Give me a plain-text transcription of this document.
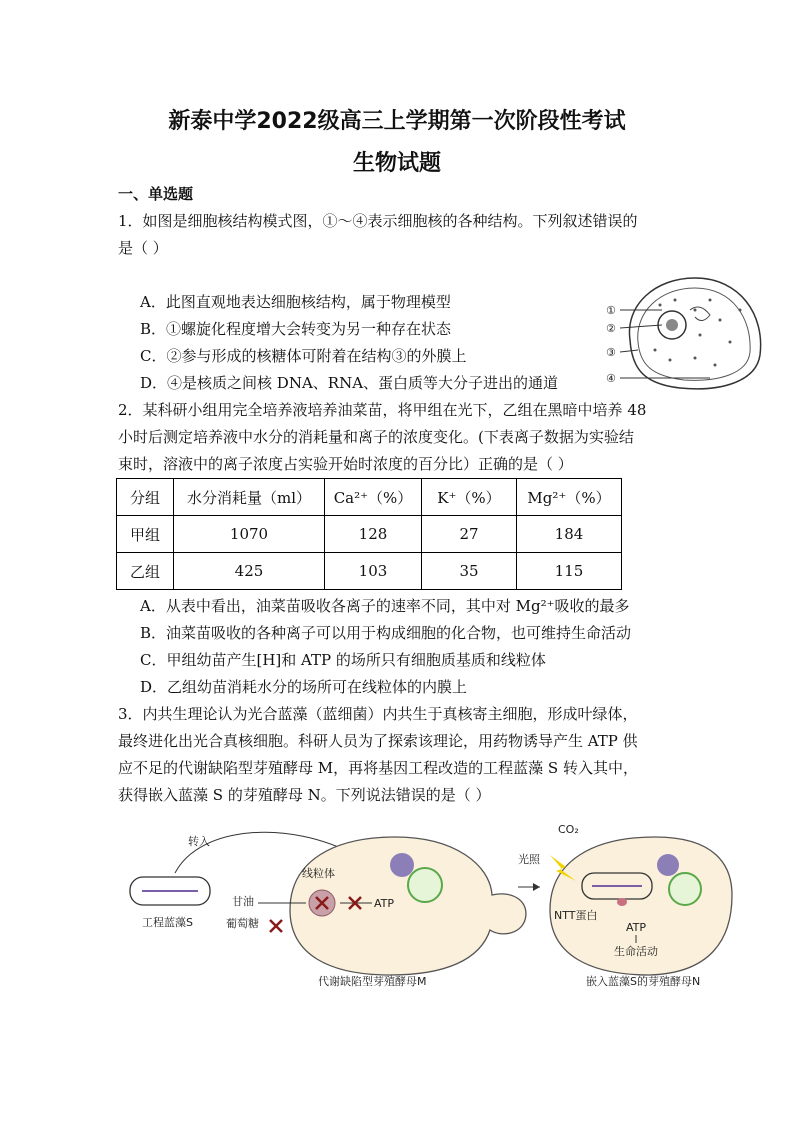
新泰中学2022级高三上学期第一次阶段性考试
生物试题
一、单选题
1．如图是细胞核结构模式图，①～④表示细胞核的各种结构。下列叙述错误的
是（ ）
A．此图直观地表达细胞核结构，属于物理模型
B．①螺旋化程度增大会转变为另一种存在状态
C．②参与形成的核糖体可附着在结构③的外膜上
D．④是核质之间核 DNA、RNA、蛋白质等大分子进出的通道
①
②
③
④
2．某科研小组用完全培养液培养油菜苗，将甲组在光下，乙组在黑暗中培养 48
小时后测定培养液中水分的消耗量和离子的浓度变化。(下表离子数据为实验结
束时，溶液中的离子浓度占实验开始时浓度的百分比）正确的是（ ）
分组	水分消耗量（ml）	Ca²⁺（%）	K⁺（%）	Mg²⁺（%）
甲组	1070	128	27	184
乙组	425	103	35	115
A．从表中看出，油菜苗吸收各离子的速率不同，其中对 Mg²⁺吸收的最多
B．油菜苗吸收的各种离子可以用于构成细胞的化合物，也可维持生命活动
C．甲组幼苗产生[H]和 ATP 的场所只有细胞质基质和线粒体
D．乙组幼苗消耗水分的场所可在线粒体的内膜上
3．内共生理论认为光合蓝藻（蓝细菌）内共生于真核寄主细胞，形成叶绿体，
最终进化出光合真核细胞。科研人员为了探索该理论，用药物诱导产生 ATP 供
应不足的代谢缺陷型芽殖酵母 M，再将基因工程改造的工程蓝藻 S 转入其中，
获得嵌入蓝藻 S 的芽殖酵母 N。下列说法错误的是（ ）
工程蓝藻S
转入
线粒体
甘油
葡萄糖
ATP
代谢缺陷型芽殖酵母M
CO₂
光照
NTT蛋白
ATP
生命活动
嵌入蓝藻S的芽殖酵母N
